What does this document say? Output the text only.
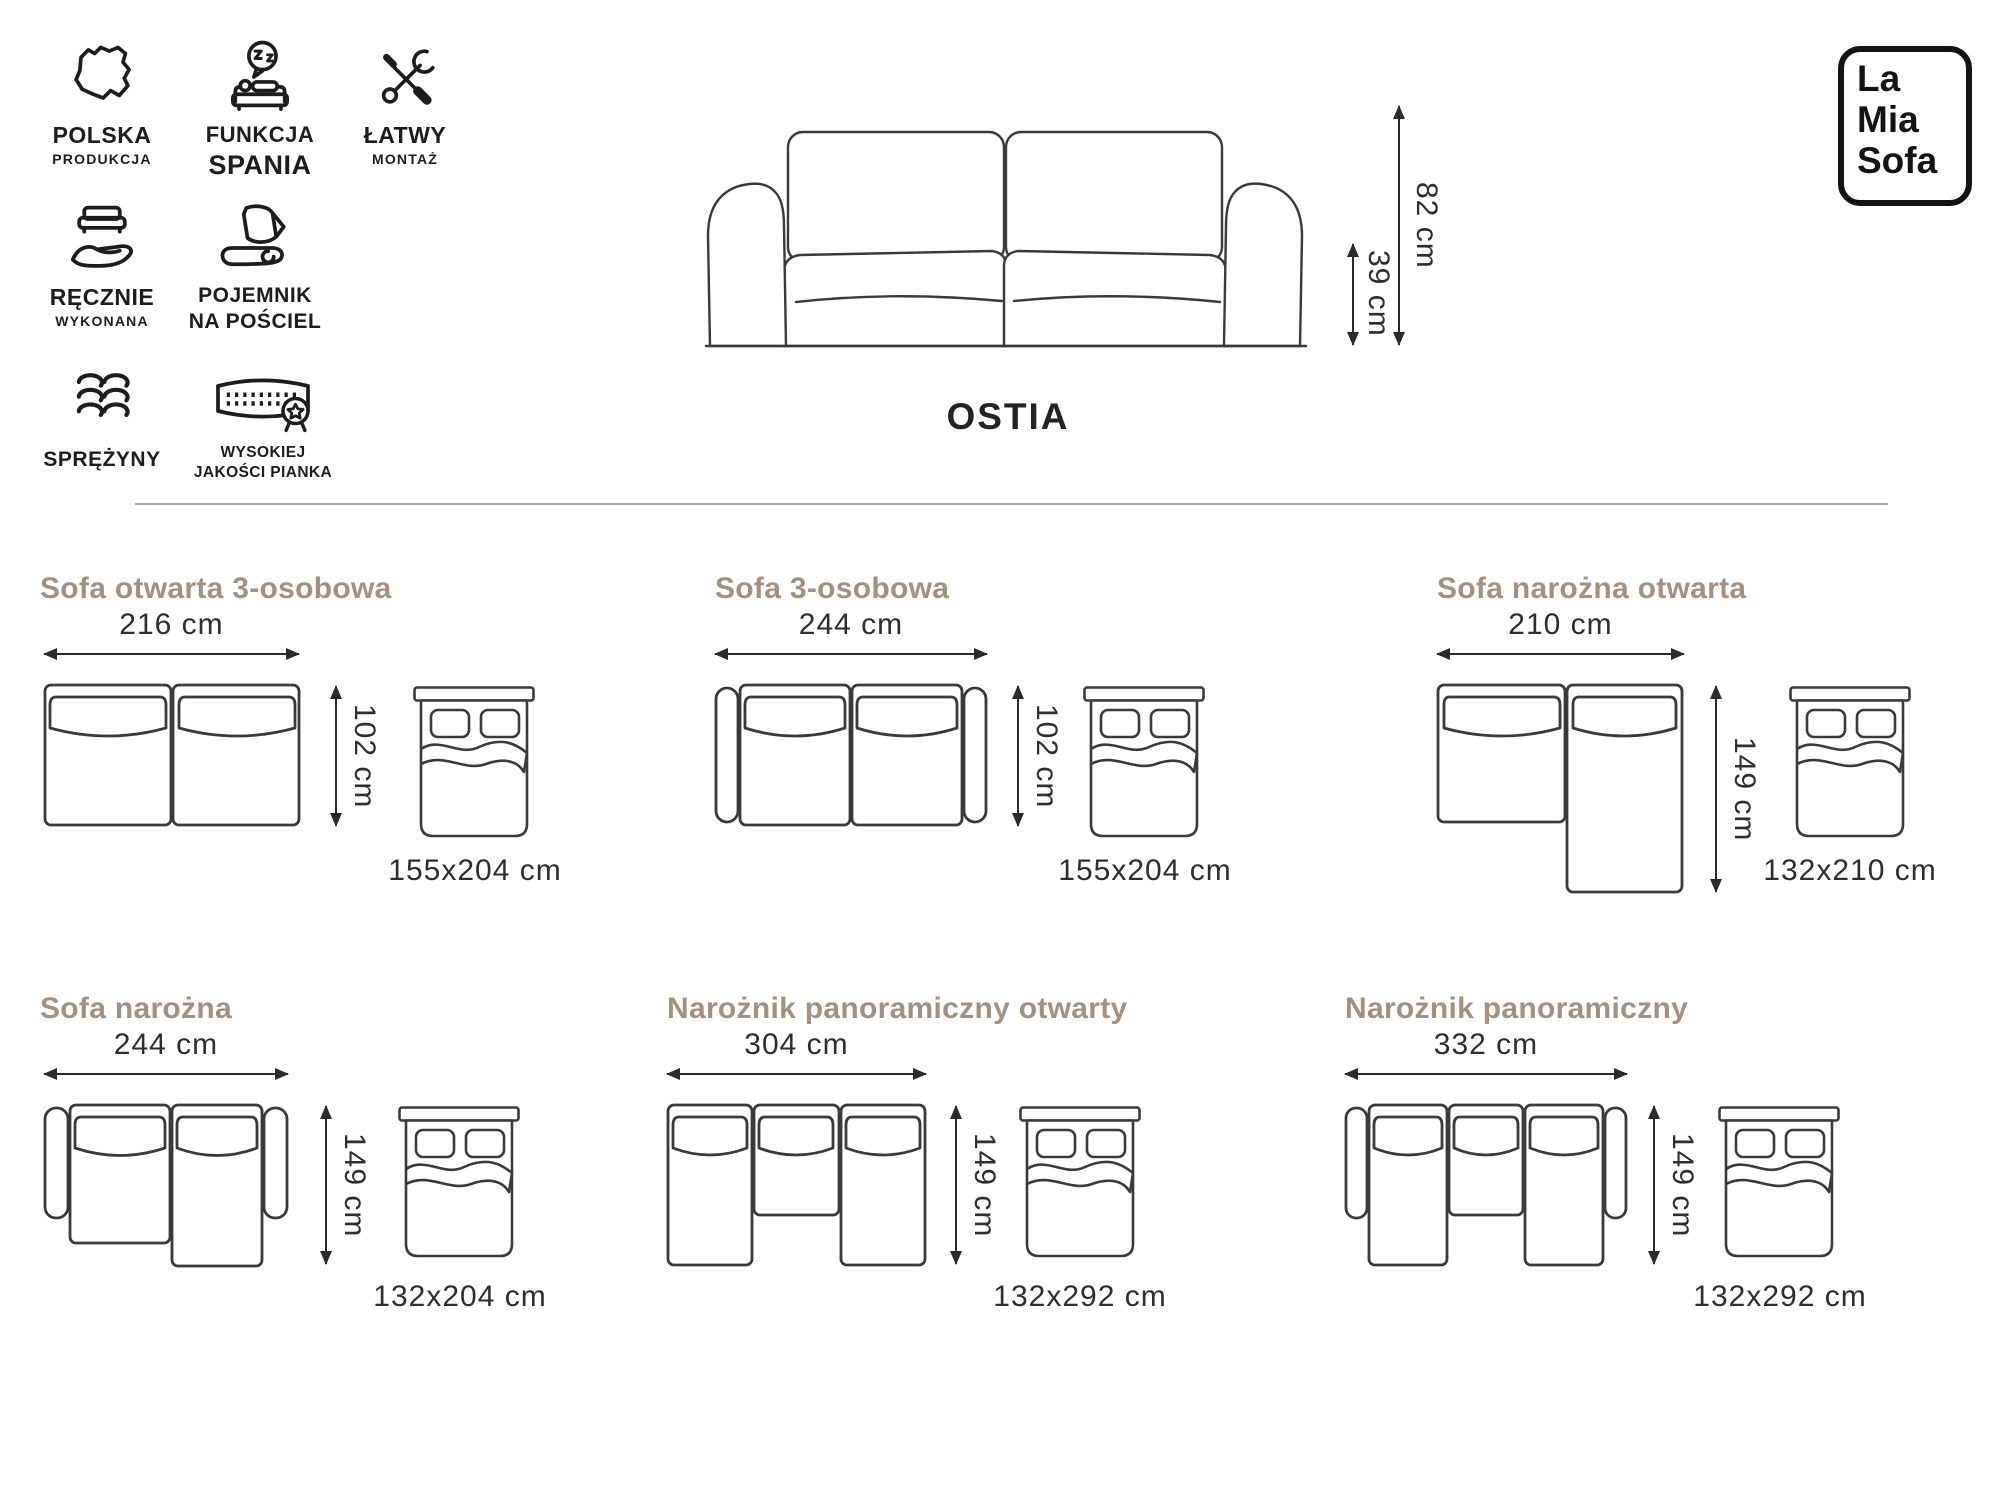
POLSKA
PRODUKCJA
FUNKCJA
SPANIA
ŁATWY
MONTAŻ
RĘCZNIE
WYKONANA
POJEMNIK
NA POŚCIEL
SPRĘŻYNY	WYSOKIEJ
JAKOŚCI PIANKA
82 cm
39 cm
OSTIA
La
Mia
Sofa
Sofa otwarta 3-osobowa
216 cm
102 cm
155x204 cm
Sofa 3-osobowa
244 cm
102 cm
155x204 cm
Sofa narożna otwarta
210 cm
149 cm
132x210 cm
Sofa narożna
244 cm
149 cm
132x204 cm
Narożnik panoramiczny otwarty
304 cm
149 cm
132x292 cm
Narożnik panoramiczny
332 cm
149 cm
132x292 cm
